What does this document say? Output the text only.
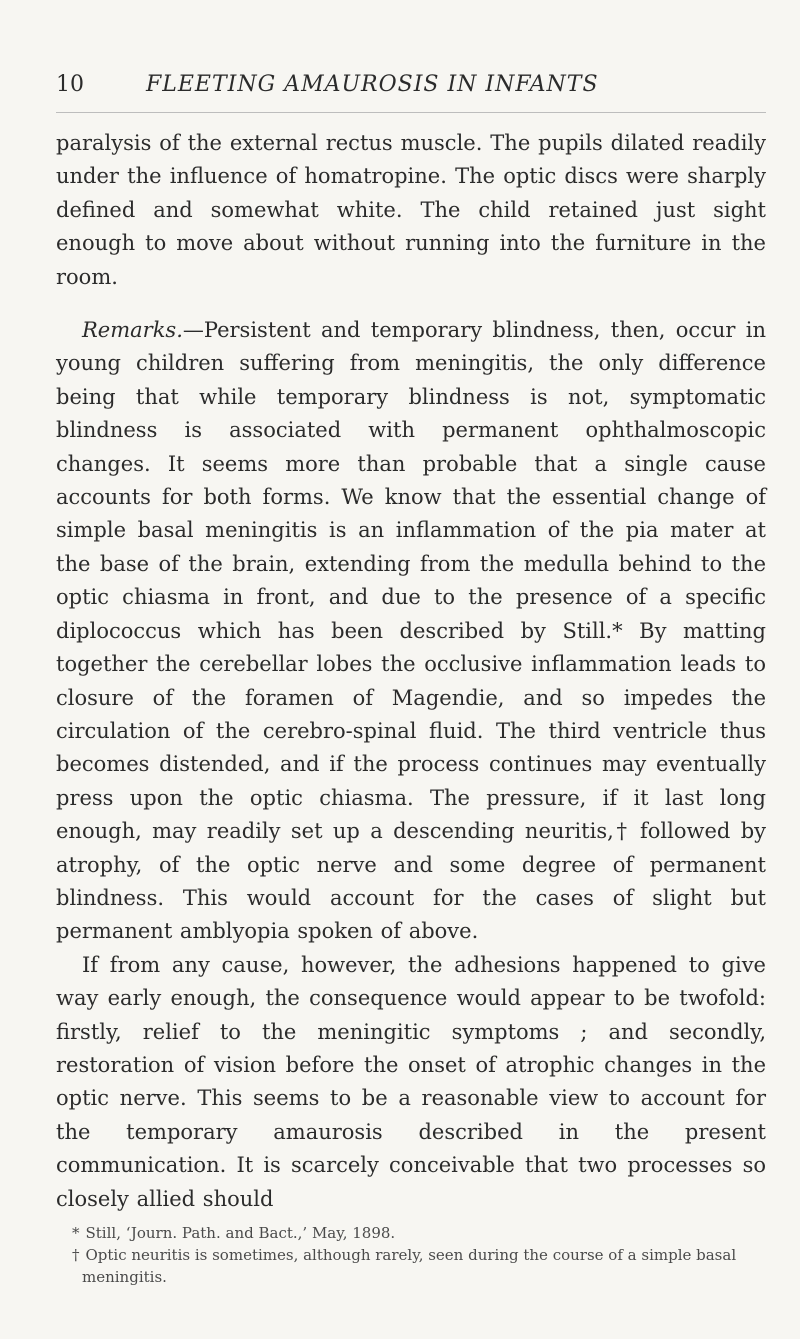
10	FLEETING AMAUROSIS IN INFANTS

paralysis of the external rectus muscle. The pupils dilated readily under the influence of homatropine. The optic discs were sharply defined and somewhat white. The child retained just sight enough to move about without running into the furniture in the room.

Remarks.—Persistent and temporary blindness, then, occur in young children suffering from meningitis, the only difference being that while temporary blindness is not, symptomatic blindness is associated with permanent ophthalmoscopic changes. It seems more than probable that a single cause accounts for both forms. We know that the essential change of simple basal meningitis is an inflammation of the pia mater at the base of the brain, extending from the medulla behind to the optic chiasma in front, and due to the presence of a specific diplococcus which has been described by Still.* By matting together the cerebellar lobes the occlusive inflammation leads to closure of the foramen of Magendie, and so impedes the circulation of the cerebro-spinal fluid. The third ventricle thus becomes distended, and if the process continues may eventually press upon the optic chiasma. The pressure, if it last long enough, may readily set up a descending neuritis,† followed by atrophy, of the optic nerve and some degree of permanent blindness. This would account for the cases of slight but permanent amblyopia spoken of above.

If from any cause, however, the adhesions happened to give way early enough, the consequence would appear to be twofold: firstly, relief to the meningitic symptoms ; and secondly, restoration of vision before the onset of atrophic changes in the optic nerve. This seems to be a reasonable view to account for the temporary amaurosis described in the present communication. It is scarcely conceivable that two processes so closely allied should

* Still, ‘Journ. Path. and Bact.,’ May, 1898.

† Optic neuritis is sometimes, although rarely, seen during the course of a simple basal meningitis.
